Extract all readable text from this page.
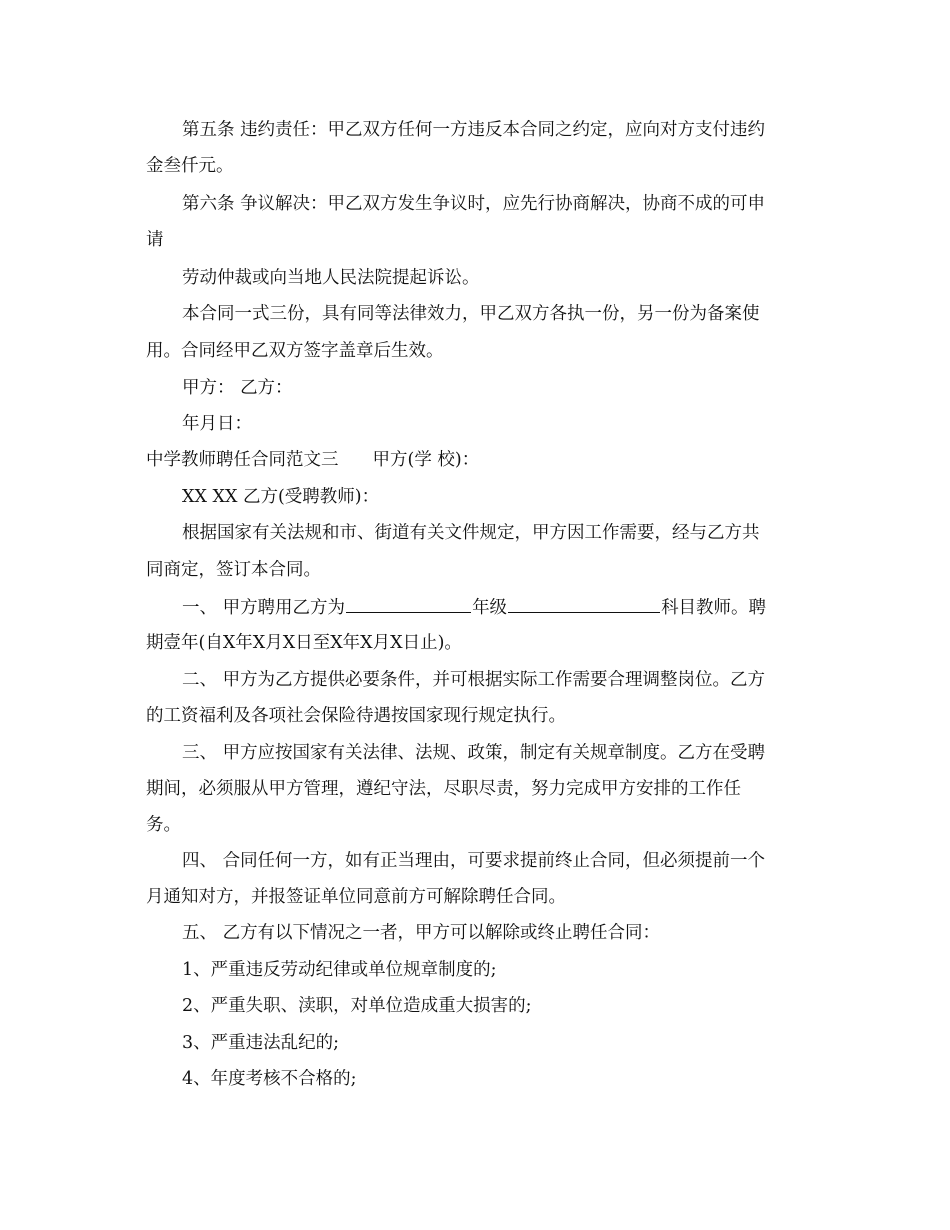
第五条 违约责任：甲乙双方任何一方违反本合同之约定，应向对方支付违约
金叁仟元。
第六条 争议解决：甲乙双方发生争议时，应先行协商解决，协商不成的可申
请
劳动仲裁或向当地人民法院提起诉讼。
本合同一式三份，具有同等法律效力，甲乙双方各执一份，另一份为备案使
用。合同经甲乙双方签字盖章后生效。
甲方： 乙方：
年月日：
中学教师聘任合同范文三 甲方(学 校)：
XX XX 乙方(受聘教师)：
根据国家有关法规和市、街道有关文件规定，甲方因工作需要，经与乙方共
同商定，签订本合同。
一、 甲方聘用乙方为	年级	科目教师。聘
期壹年(自X年X月X日至X年X月X日止)。
二、 甲方为乙方提供必要条件，并可根据实际工作需要合理调整岗位。乙方
的工资福利及各项社会保险待遇按国家现行规定执行。
三、 甲方应按国家有关法律、法规、政策，制定有关规章制度。乙方在受聘
期间，必须服从甲方管理，遵纪守法，尽职尽责，努力完成甲方安排的工作任
务。
四、 合同任何一方，如有正当理由，可要求提前终止合同，但必须提前一个
月通知对方，并报签证单位同意前方可解除聘任合同。
五、 乙方有以下情况之一者，甲方可以解除或终止聘任合同：
1、严重违反劳动纪律或单位规章制度的;
2、严重失职、渎职，对单位造成重大损害的;
3、严重违法乱纪的;
4、年度考核不合格的;
